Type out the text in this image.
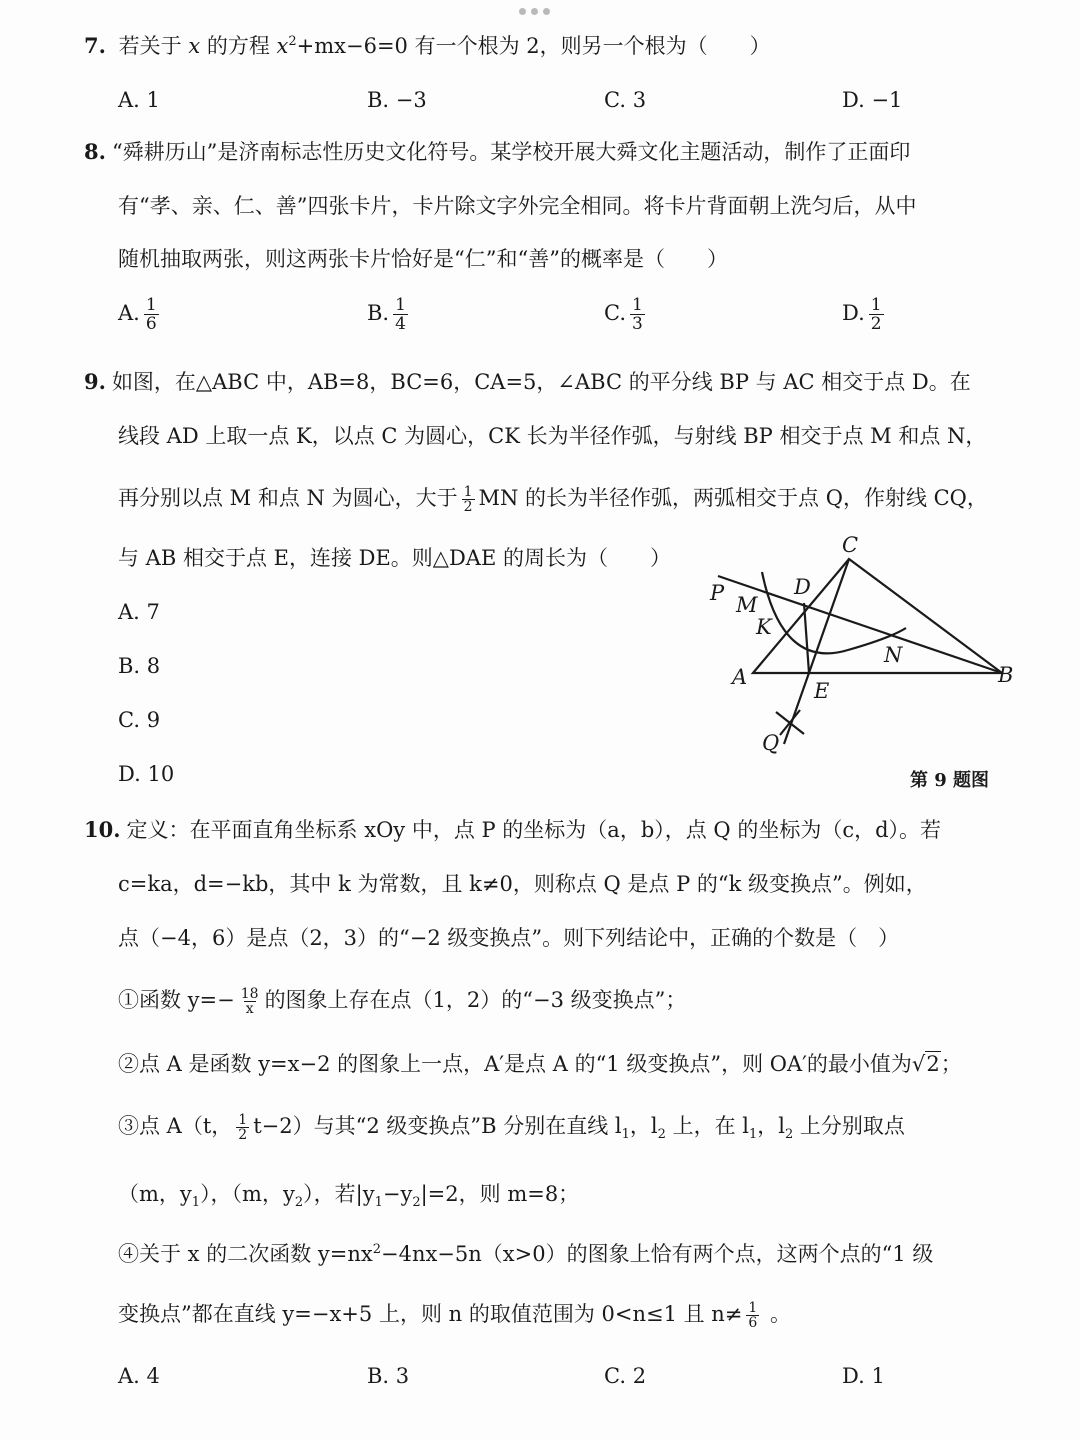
7. 若关于 x 的方程 $x^2+mx-6=0$ 有一个根为 2，则另一个根为（　　）
A. 1	B. −3	C. 3	D. −1
8. “舜耕历山”是济南标志性历史文化符号。某学校开展大舜文化主题活动，制作了正面印
有“孝、亲、仁、善”四张卡片，卡片除文字外完全相同。将卡片背面朝上洗匀后，从中
随机抽取两张，则这两张卡片恰好是“仁”和“善”的概率是（　　）
A. $\frac{1}{6}$	B. $\frac{1}{4}$	C. $\frac{1}{3}$	D. $\frac{1}{2}$
9. 如图，在△ABC 中，AB=8，BC=6，CA=5，∠ABC 的平分线 BP 与 AC 相交于点 D。在
线段 AD 上取一点 K，以点 C 为圆心，CK 长为半径作弧，与射线 BP 相交于点 M 和点 N，
再分别以点 M 和点 N 为圆心，大于 $\frac{1}{2}$ MN 的长为半径作弧，两弧相交于点 Q，作射线 CQ，
与 AB 相交于点 E，连接 DE。则△DAE 的周长为（　　）
A. 7
B. 8
C. 9
D. 10
C
P	D
M
K
N
A
E
B
Q
第 9 题图
10. 定义：在平面直角坐标系 xOy 中，点 P 的坐标为（a，b），点 Q 的坐标为（c，d）。若
c=ka，d=−kb，其中 k 为常数，且 k≠0，则称点 Q 是点 P 的“k 级变换点”。例如，
点（−4，6）是点（2，3）的“−2 级变换点”。则下列结论中，正确的个数是（　）
①函数 $y=- \frac{18}{x}$ 的图象上存在点（1，2）的“−3 级变换点”；
②点 A 是函数 y=x−2 的图象上一点，A′是点 A 的“1 级变换点”，则 OA′的最小值为√2；
③点 A（t， $\frac{1}{2} t-2$）与其“2 级变换点”B 分别在直线 $l_1$，$l_2$ 上，在 $l_1$，$l_2$ 上分别取点
（m，$y_1$），（m，$y_2$），若$|y_1-y_2|=2$，则 m=8；
④关于 x 的二次函数 $y=nx^2-4nx-5n(x>0)$的图象上恰有两个点，这两个点的“1 级
变换点”都在直线 y=−x+5 上，则 n 的取值范围为 0<n≤1 且 $n\ne \frac{1}{6}$ 。
A. 4	B. 3	C. 2	D. 1
